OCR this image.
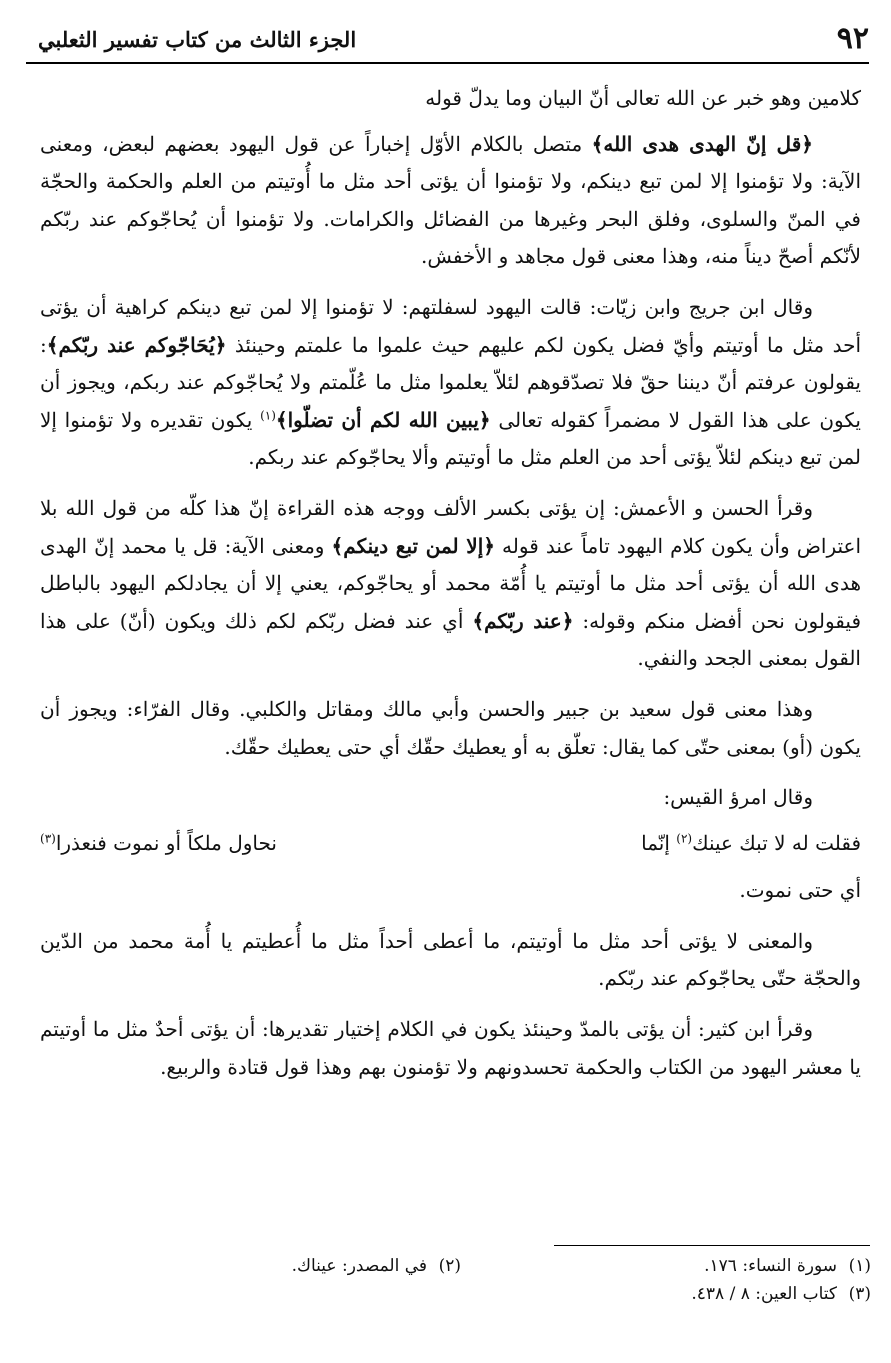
٩٢
الجزء الثالث من كتاب تفسير الثعلبي

كلامين وهو خبر عن الله تعالى أنّ البيان وما يدلّ قوله

﴿قل إنّ الهدى هدى الله﴾ متصل بالكلام الأوّل إخباراً عن قول اليهود بعضهم لبعض، ومعنى الآية: ولا تؤمنوا إلا لمن تبع دينكم، ولا تؤمنوا أن يؤتى أحد مثل ما أُوتيتم من العلم والحكمة والحجّة في المنّ والسلوى، وفلق البحر وغيرها من الفضائل والكرامات. ولا تؤمنوا أن يُحاجّوكم عند ربّكم لأنّكم أصحّ ديناً منه، وهذا معنى قول مجاهد و الأخفش.

وقال ابن جريج وابن زيّات: قالت اليهود لسفلتهم: لا تؤمنوا إلا لمن تبع دينكم كراهية أن يؤتى أحد مثل ما أوتيتم وأيّ فضل يكون لكم عليهم حيث علموا ما علمتم وحينئذ ﴿يُحَاجّوكم عند ربّكم﴾: يقولون عرفتم أنّ ديننا حقّ فلا تصدّقوهم لئلاّ يعلموا مثل ما عُلّمتم ولا يُحاجّوكم عند ربكم، ويجوز أن يكون على هذا القول لا مضمراً كقوله تعالى ﴿يبين الله لكم أن تضلّوا﴾$^{(١)}$ يكون تقديره ولا تؤمنوا إلا لمن تبع دينكم لئلاّ يؤتى أحد من العلم مثل ما أوتيتم وألا يحاجّوكم عند ربكم.

وقرأ الحسن و الأعمش: إن يؤتى بكسر الألف ووجه هذه القراءة إنّ هذا كلّه من قول الله بلا اعتراض وأن يكون كلام اليهود تاماً عند قوله ﴿إلا لمن تبع دينكم﴾ ومعنى الآية: قل يا محمد إنّ الهدى هدى الله أن يؤتى أحد مثل ما أوتيتم يا أُمّة محمد أو يحاجّوكم، يعني إلا أن يجادلكم اليهود بالباطل فيقولون نحن أفضل منكم وقوله: ﴿عند ربّكم﴾ أي عند فضل ربّكم لكم ذلك ويكون (أنّ) على هذا القول بمعنى الجحد والنفي.

وهذا معنى قول سعيد بن جبير والحسن وأبي مالك ومقاتل والكلبي. وقال الفرّاء: ويجوز أن يكون (أو) بمعنى حتّى كما يقال: تعلّق به أو يعطيك حقّك أي حتى يعطيك حقّك.

وقال امرؤ القيس:

فقلت له لا تبك عينك$^{(٢)}$ إنّما
نحاول ملكاً أو نموت فنعذرا$^{(٣)}$

أي حتى نموت.

والمعنى لا يؤتى أحد مثل ما أوتيتم، ما أعطى أحداً مثل ما أُعطيتم يا أُمة محمد من الدّين والحجّة حتّى يحاجّوكم عند ربّكم.

وقرأ ابن كثير: أن يؤتى بالمدّ وحينئذ يكون في الكلام إختيار تقديرها: أن يؤتى أحدٌ مثل ما أوتيتم يا معشر اليهود من الكتاب والحكمة تحسدونهم ولا تؤمنون بهم وهذا قول قتادة والربيع.

(١)سورة النساء: ١٧٦.
(٢)في المصدر: عيناك.
(٣)كتاب العين: ٨ / ٤٣٨.
